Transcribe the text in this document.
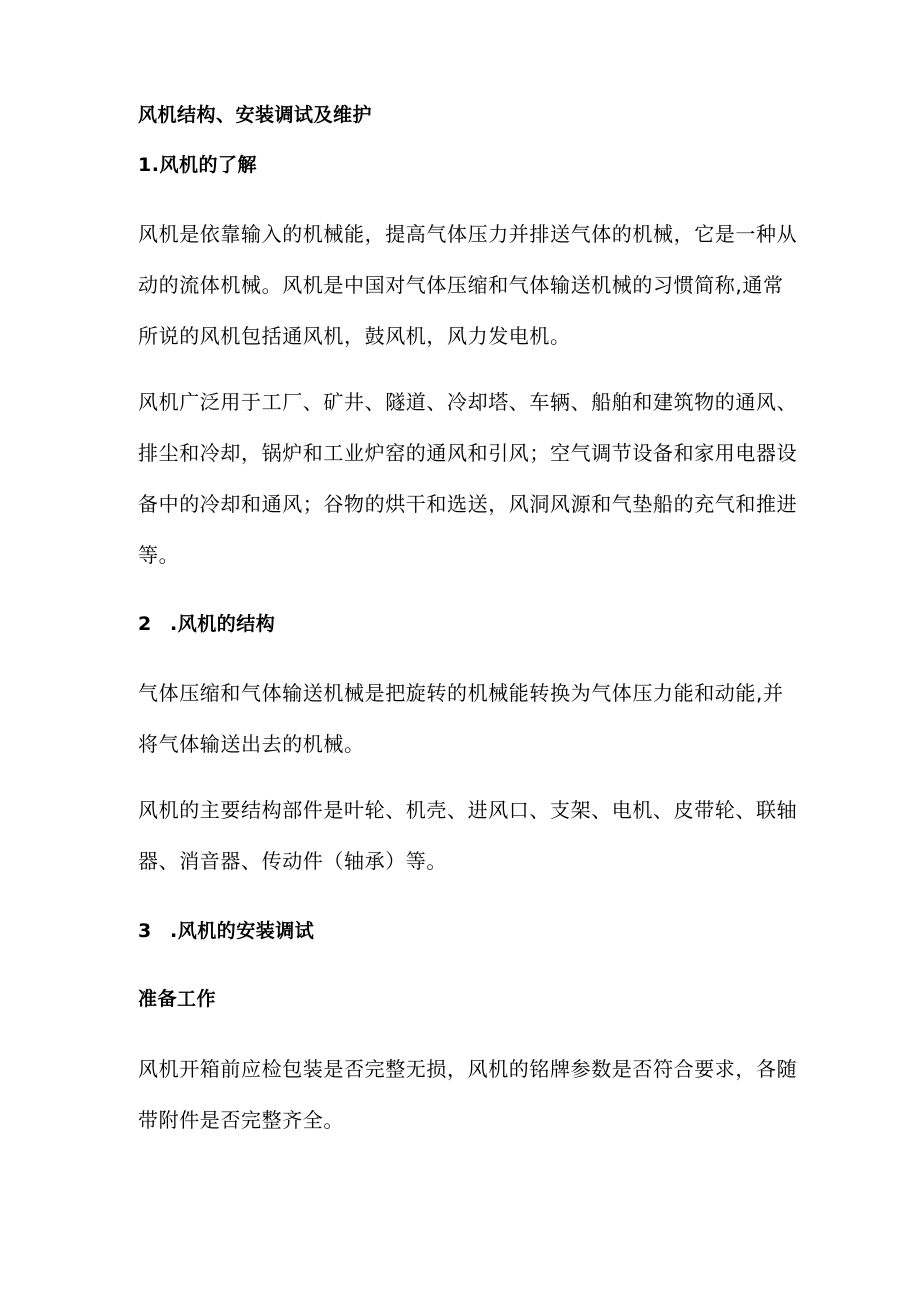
风机结构、安装调试及维护
1.风机的了解

风机是依靠输入的机械能，提高气体压力并排送气体的机械，它是一种从
动的流体机械。风机是中国对气体压缩和气体输送机械的习惯简称,通常
所说的风机包括通风机，鼓风机，风力发电机。

风机广泛用于工厂、矿井、隧道、冷却塔、车辆、船舶和建筑物的通风、
排尘和冷却，锅炉和工业炉窑的通风和引风；空气调节设备和家用电器设
备中的冷却和通风；谷物的烘干和选送，风洞风源和气垫船的充气和推进
等。

2 .风机的结构

气体压缩和气体输送机械是把旋转的机械能转换为气体压力能和动能,并
将气体输送出去的机械。

风机的主要结构部件是叶轮、机壳、进风口、支架、电机、皮带轮、联轴
器、消音器、传动件（轴承）等。

3 .风机的安装调试
准备工作

风机开箱前应检包装是否完整无损，风机的铭牌参数是否符合要求，各随
带附件是否完整齐全。
